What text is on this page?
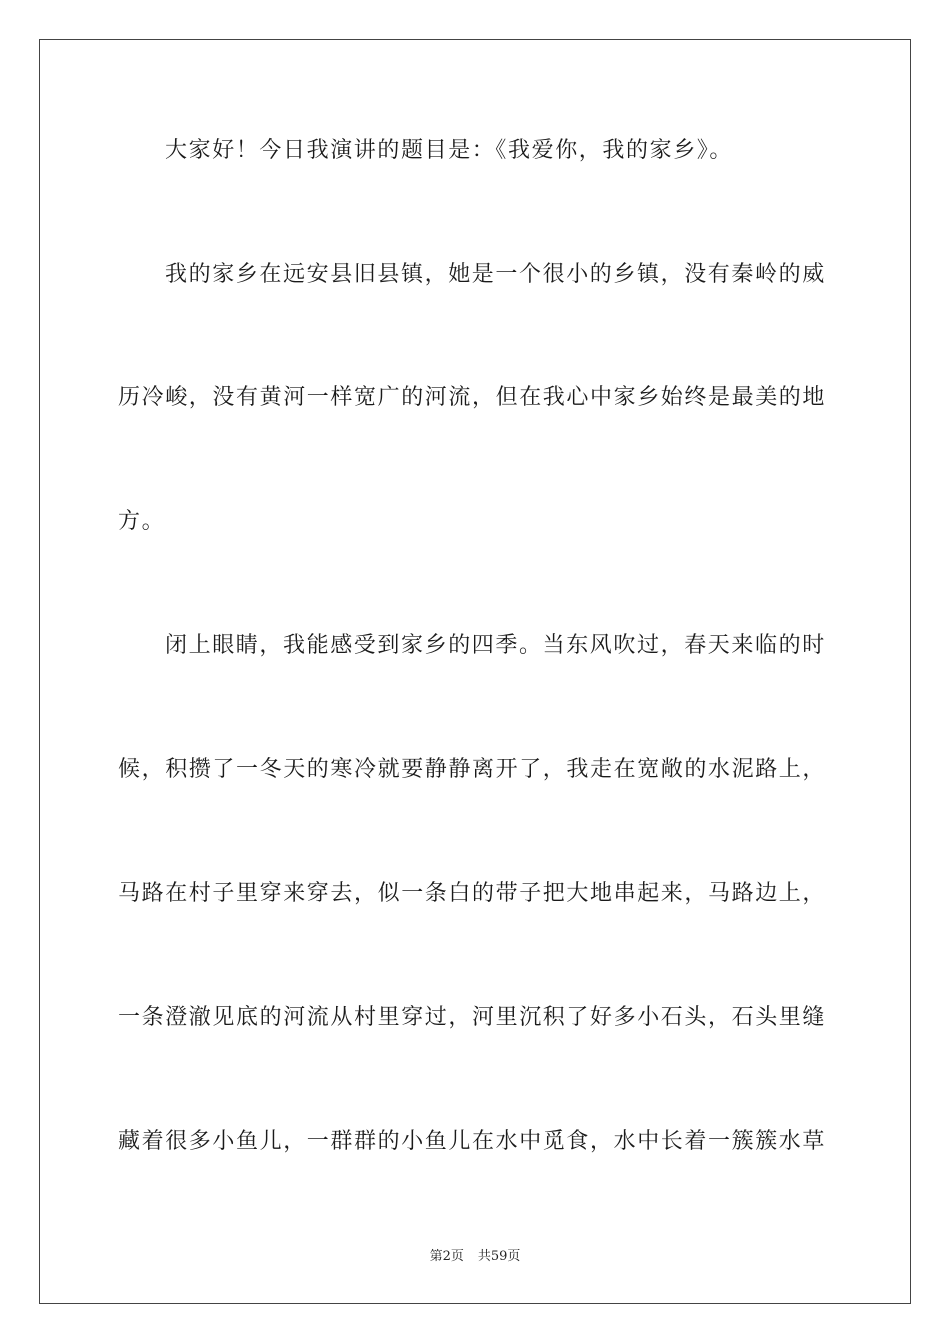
大家好！今日我演讲的题目是：《我爱你，我的家乡》。
我的家乡在远安县旧县镇，她是一个很小的乡镇，没有秦岭的威
历冷峻，没有黄河一样宽广的河流，但在我心中家乡始终是最美的地
方。
闭上眼睛，我能感受到家乡的四季。当东风吹过，春天来临的时
候，积攒了一冬天的寒冷就要静静离开了，我走在宽敞的水泥路上，
马路在村子里穿来穿去，似一条白的带子把大地串起来，马路边上，
一条澄澈见底的河流从村里穿过，河里沉积了好多小石头，石头里缝
藏着很多小鱼儿，一群群的小鱼儿在水中觅食，水中长着一簇簇水草
第2页 共59页
